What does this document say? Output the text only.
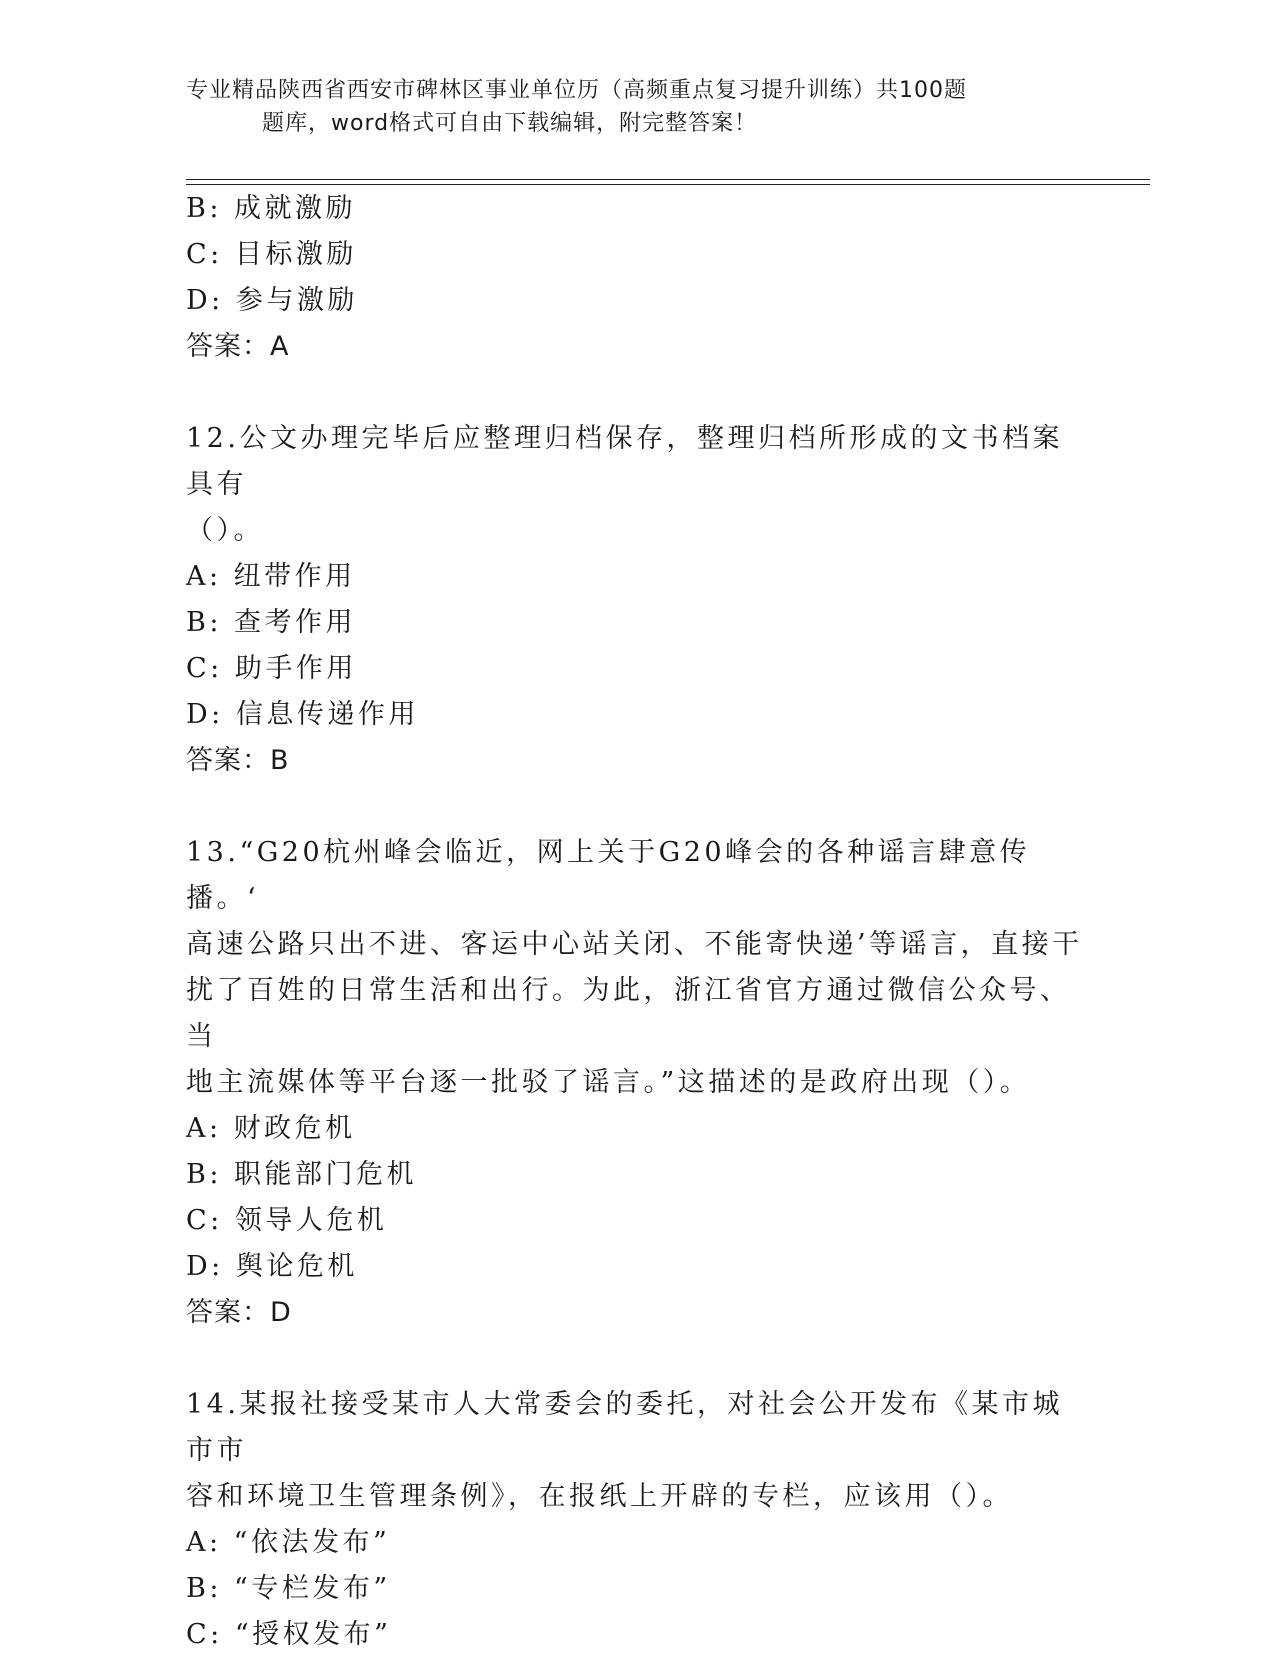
专业精品陕西省西安市碑林区事业单位历（高频重点复习提升训练）共100题
题库，word格式可自由下载编辑，附完整答案！
B: 成就激励
C: 目标激励
D: 参与激励
答案：A
12.公文办理完毕后应整理归档保存，整理归档所形成的文书档案具有
（）。
A: 纽带作用
B: 查考作用
C: 助手作用
D: 信息传递作用
答案：B
13.“G20杭州峰会临近，网上关于G20峰会的各种谣言肆意传播。‘
高速公路只出不进、客运中心站关闭、不能寄快递’等谣言，直接干
扰了百姓的日常生活和出行。为此，浙江省官方通过微信公众号、当
地主流媒体等平台逐一批驳了谣言。”这描述的是政府出现（）。
A: 财政危机
B: 职能部门危机
C: 领导人危机
D: 舆论危机
答案：D
14.某报社接受某市人大常委会的委托，对社会公开发布《某市城市市
容和环境卫生管理条例》，在报纸上开辟的专栏，应该用（）。
A: “依法发布”
B: “专栏发布”
C: “授权发布”
